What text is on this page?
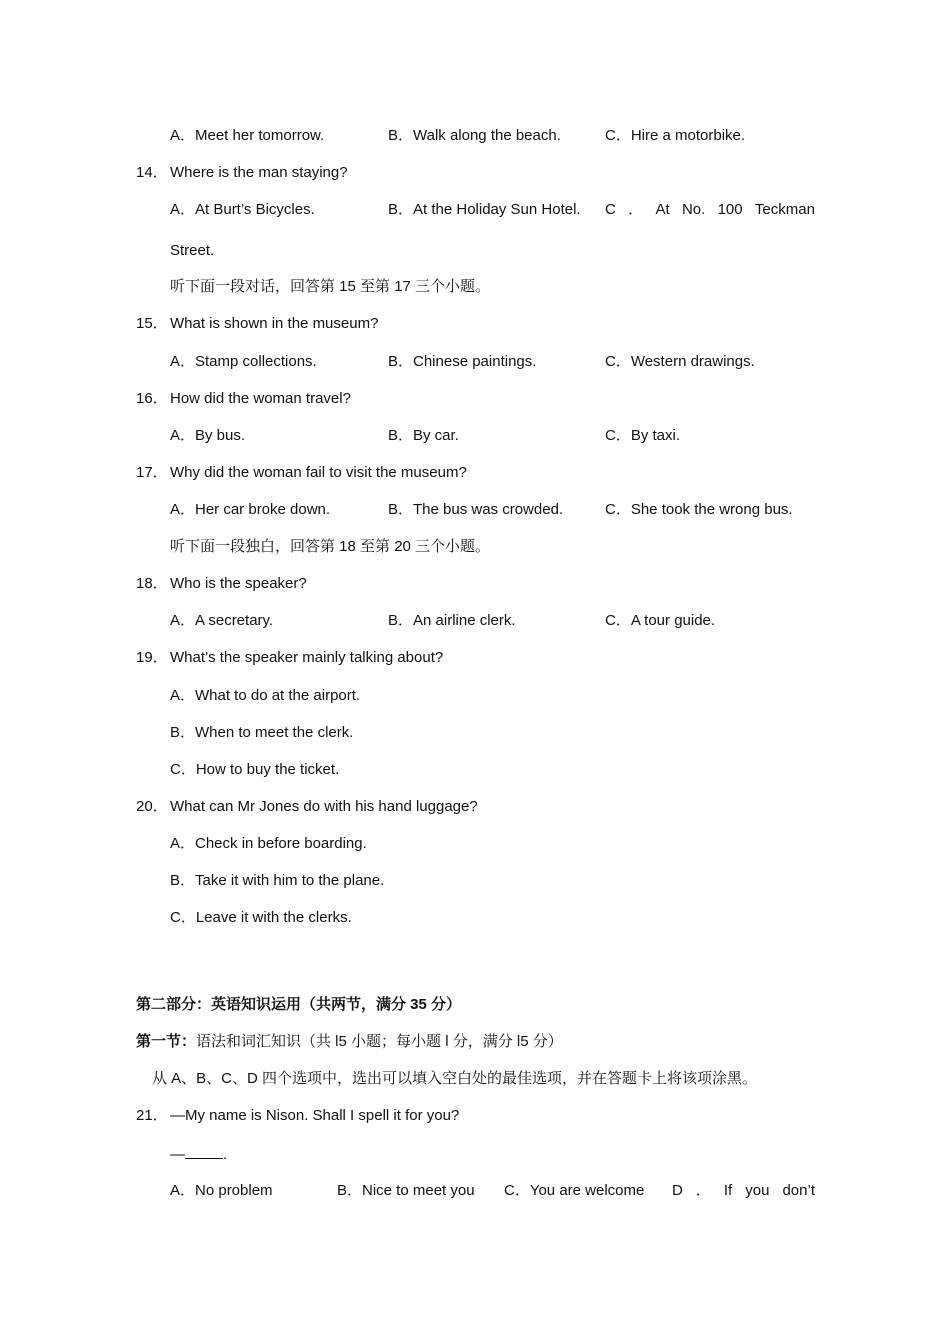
A．Meet her tomorrow.	B．Walk along the beach.	C．Hire a motorbike.
14． Where is the man staying?
A．At Burt’s Bicycles.	B．At the Holiday Sun Hotel. C ． At No. 100 Teckman
Street.
听下面一段对话，回答第 15 至第 17 三个小题。
15． What is shown in the museum?
A．Stamp collections.	B．Chinese paintings.	C．Western drawings.
16． How did the woman travel?
A．By bus.	B．By car.	C．By taxi.
17． Why did the woman fail to visit the museum?
A．Her car broke down.	B．The bus was crowded.	C．She took the wrong bus.
听下面一段独白，回答第 18 至第 20 三个小题。
18． Who is the speaker?
A．A secretary.	B．An airline clerk.	C．A tour guide.
19． What’s the speaker mainly talking about?
A．What to do at the airport.
B．When to meet the clerk.
C．How to buy the ticket.
20． What can Mr Jones do with his hand luggage?
A．Check in before boarding.
B．Take it with him to the plane.
C．Leave it with the clerks.
第二部分：英语知识运用（共两节，满分 35 分）
第一节：语法和词汇知识（共 l5 小题；每小题 l 分，满分 l5 分）
从 A、B、C、D 四个选项中，选出可以填入空白处的最佳选项，并在答题卡上将该项涂黑。
21． —My name is Nison. Shall I spell it for you?
—	.
A．No problem	B．Nice to meet you C．You are welcome D ． If you don’t
